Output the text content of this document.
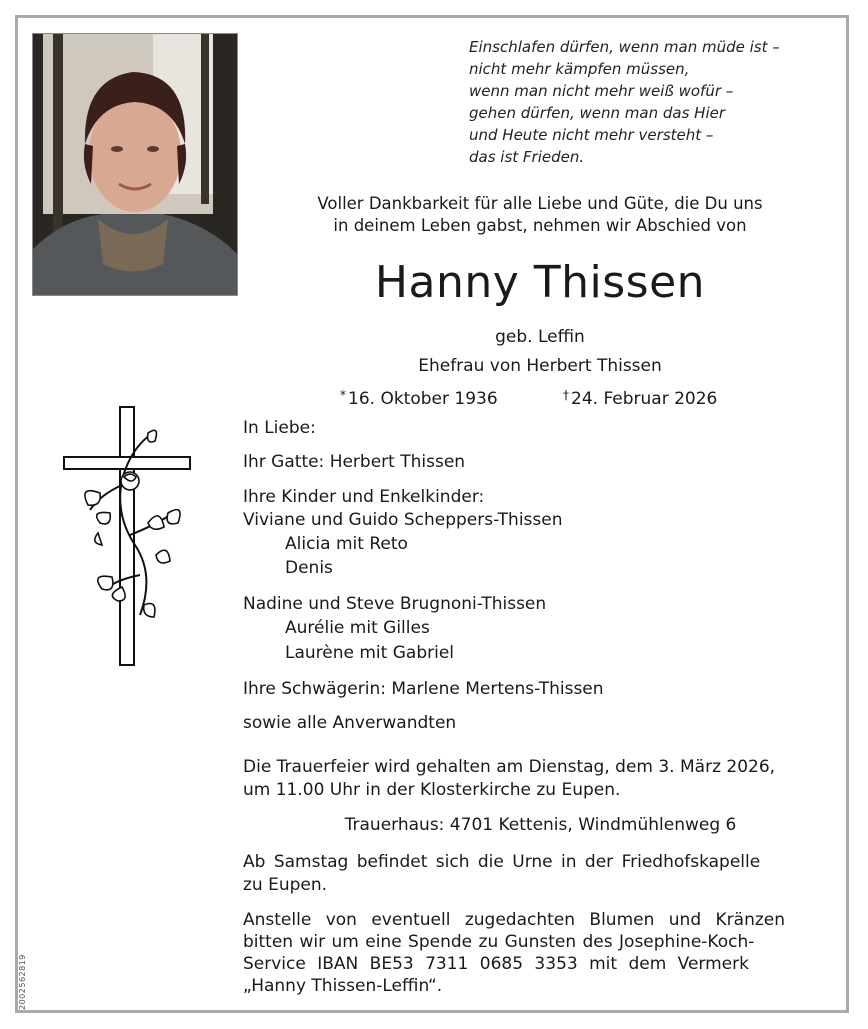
Einschlafen dürfen, wenn man müde ist –
nicht mehr kämpfen müssen,
wenn man nicht mehr weiß wofür –
gehen dürfen, wenn man das Hier
und Heute nicht mehr versteht –
das ist Frieden.
Voller Dankbarkeit für alle Liebe und Güte, die Du uns
in deinem Leben gabst, nehmen wir Abschied von
Hanny Thissen
geb. Leffin
Ehefrau von Herbert Thissen
* 16. Oktober 1936	† 24. Februar 2026
In Liebe:
Ihr Gatte: Herbert Thissen
Ihre Kinder und Enkelkinder:
Viviane und Guido Scheppers-Thissen
Alicia mit Reto
Denis
Nadine und Steve Brugnoni-Thissen
Aurélie mit Gilles
Laurène mit Gabriel
Ihre Schwägerin: Marlene Mertens-Thissen
sowie alle Anverwandten
Die Trauerfeier wird gehalten am Dienstag, dem 3. März 2026,
um 11.00 Uhr in der Klosterkirche zu Eupen.
Trauerhaus: 4701 Kettenis, Windmühlenweg 6
Ab Samstag befindet sich die Urne in der Friedhofskapelle
zu Eupen.
Anstelle von eventuell zugedachten Blumen und Kränzen
bitten wir um eine Spende zu Gunsten des Josephine-Koch-
Service IBAN BE53 7311 0685 3353 mit dem Vermerk
„Hanny Thissen-Leffin“.
2002562819
